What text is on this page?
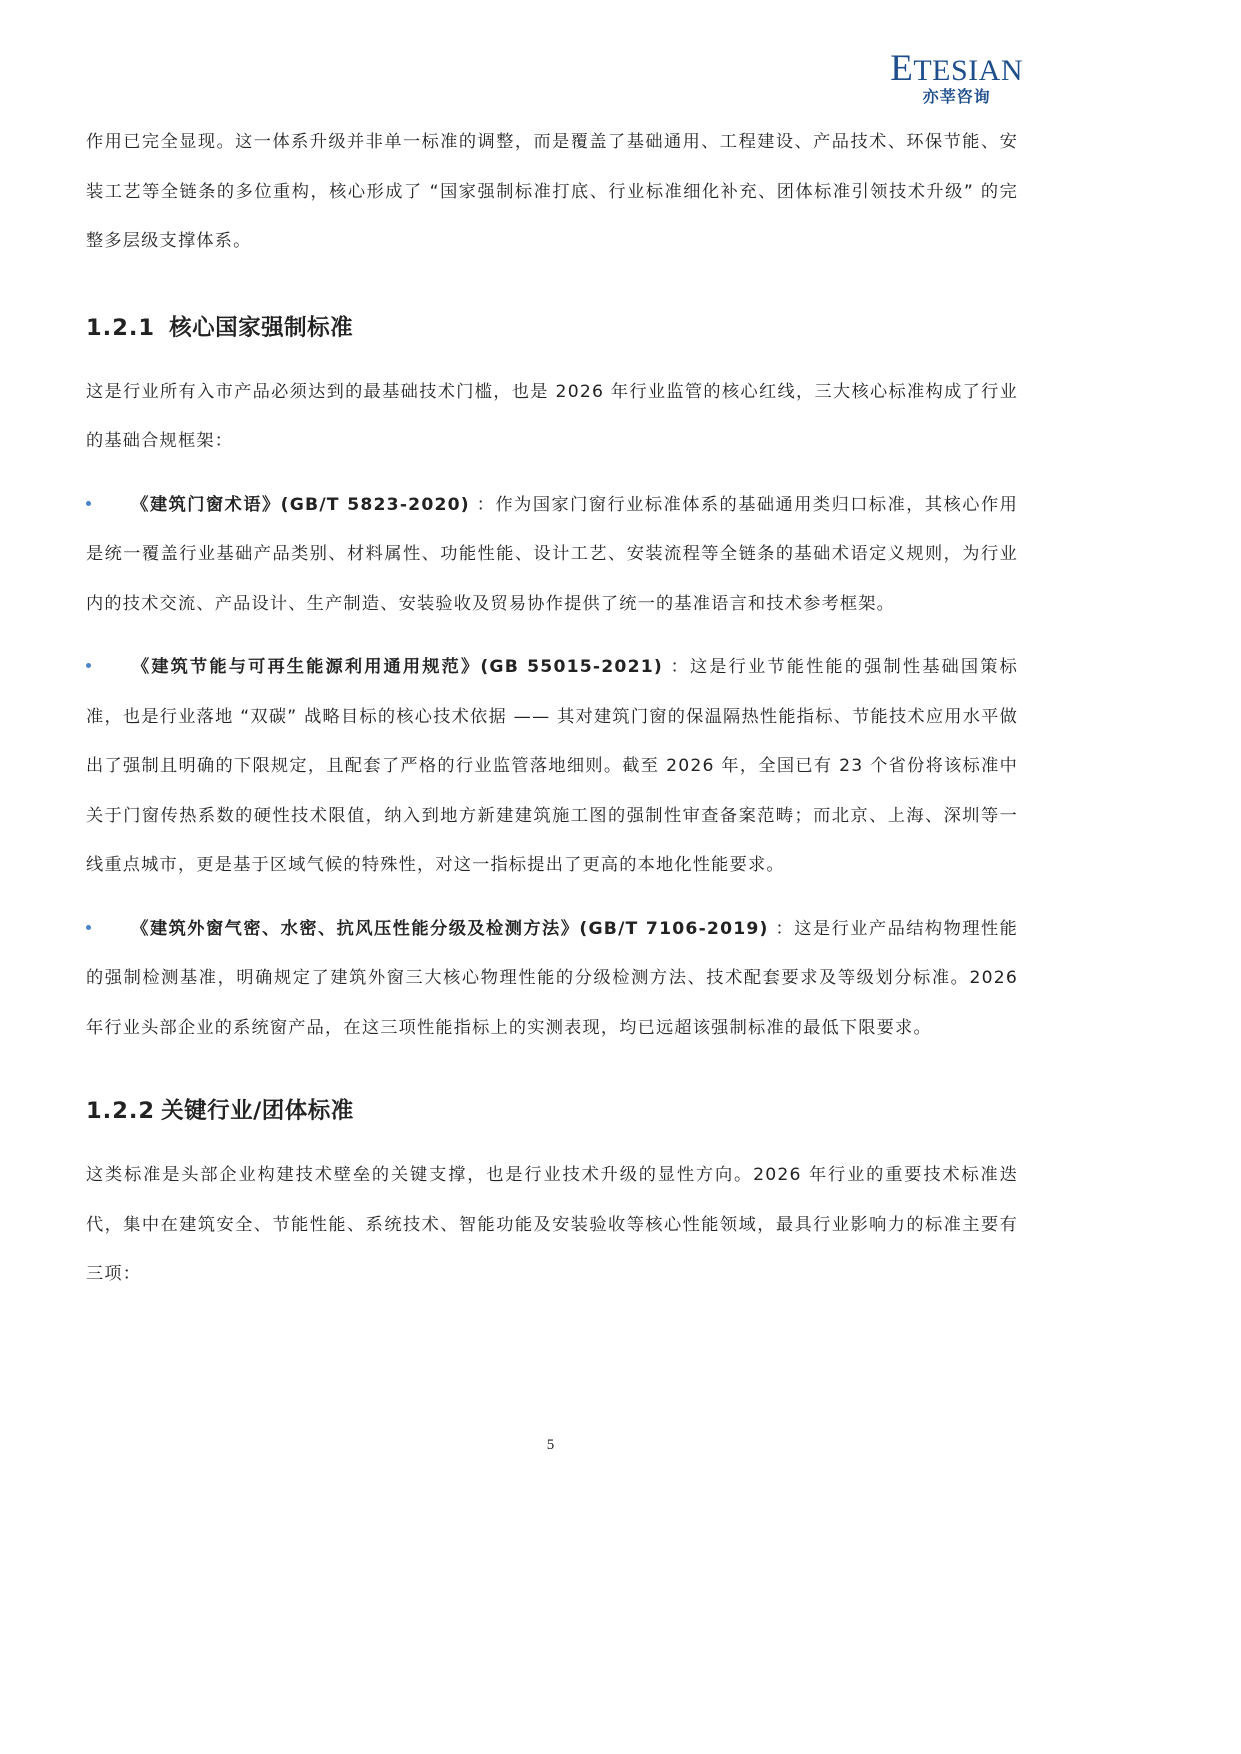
ETESIAN
亦莘咨询

作用已完全显现。这一体系升级并非单一标准的调整，而是覆盖了基础通用、工程建设、产品技术、环保节能、安装工艺等全链条的多位重构，核心形成了 “国家强制标准打底、行业标准细化补充、团体标准引领技术升级” 的完整多层级支撑体系。

1.2.1 核心国家强制标准

这是行业所有入市产品必须达到的最基础技术门槛，也是 2026 年行业监管的核心红线，三大核心标准构成了行业的基础合规框架：

《建筑门窗术语》(GB/T 5823-2020) ：作为国家门窗行业标准体系的基础通用类归口标准，其核心作用是统一覆盖行业基础产品类别、材料属性、功能性能、设计工艺、安装流程等全链条的基础术语定义规则，为行业内的技术交流、产品设计、生产制造、安装验收及贸易协作提供了统一的基准语言和技术参考框架。

《建筑节能与可再生能源利用通用规范》(GB 55015-2021) ：这是行业节能性能的强制性基础国策标准，也是行业落地 “双碳” 战略目标的核心技术依据 —— 其对建筑门窗的保温隔热性能指标、节能技术应用水平做出了强制且明确的下限规定，且配套了严格的行业监管落地细则。截至 2026 年，全国已有 23 个省份将该标准中关于门窗传热系数的硬性技术限值，纳入到地方新建建筑施工图的强制性审查备案范畴；而北京、上海、深圳等一线重点城市，更是基于区域气候的特殊性，对这一指标提出了更高的本地化性能要求。

《建筑外窗气密、水密、抗风压性能分级及检测方法》(GB/T 7106-2019) ：这是行业产品结构物理性能的强制检测基准，明确规定了建筑外窗三大核心物理性能的分级检测方法、技术配套要求及等级划分标准。2026 年行业头部企业的系统窗产品，在这三项性能指标上的实测表现，均已远超该强制标准的最低下限要求。

1.2.2 关键行业/团体标准

这类标准是头部企业构建技术壁垒的关键支撑，也是行业技术升级的显性方向。2026 年行业的重要技术标准迭代，集中在建筑安全、节能性能、系统技术、智能功能及安装验收等核心性能领域，最具行业影响力的标准主要有三项：

5
